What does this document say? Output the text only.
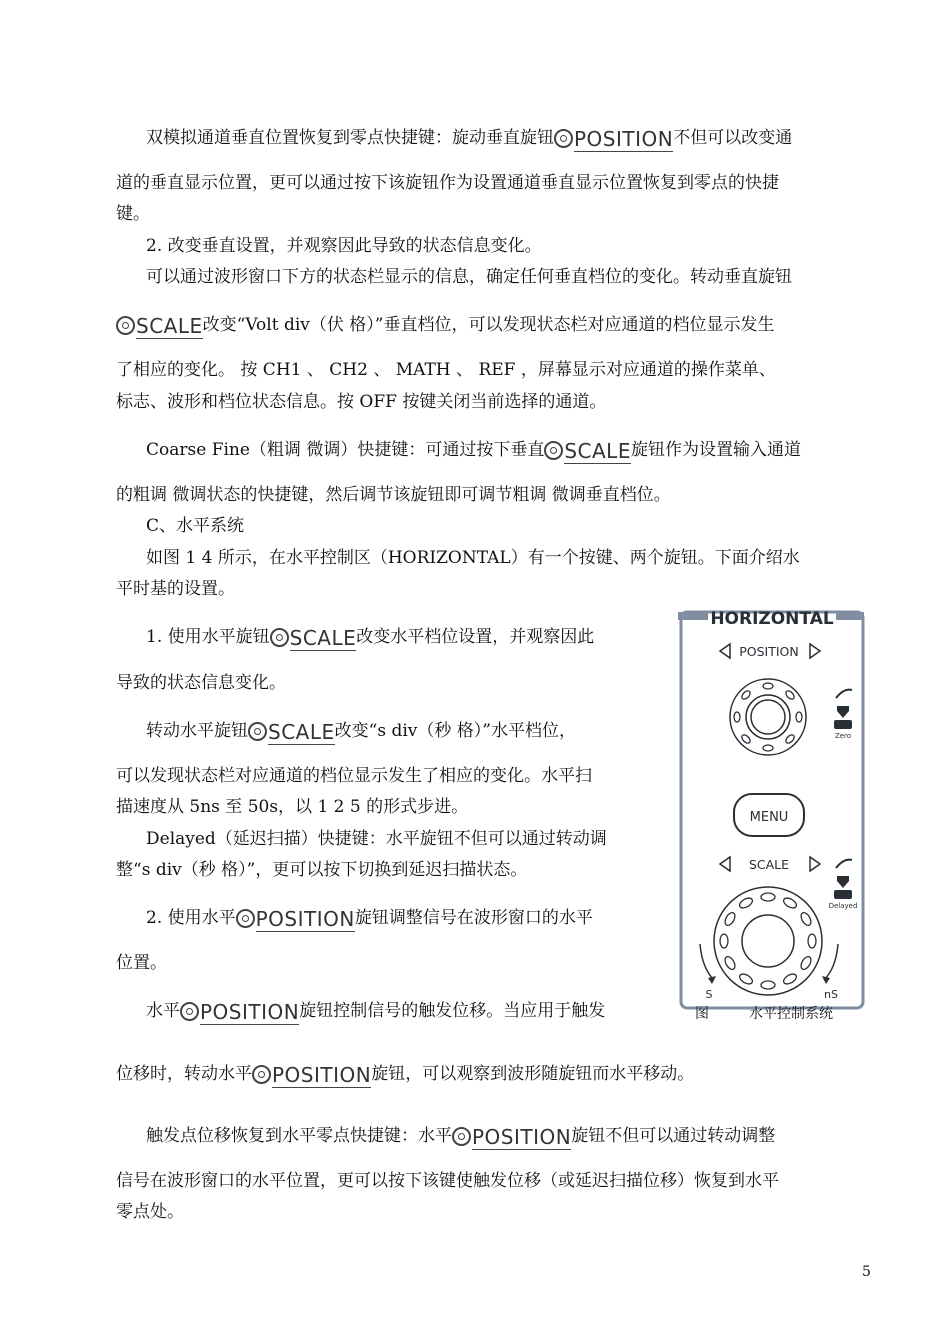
双模拟通道垂直位置恢复到零点快捷键：旋动垂直旋钮 POSITION不但可以改变通
道的垂直显示位置，更可以通过按下该旋钮作为设置通道垂直显示位置恢复到零点的快捷
键。
2. 改变垂直设置，并观察因此导致的状态信息变化。
可以通过波形窗口下方的状态栏显示的信息，确定任何垂直档位的变化。转动垂直旋钮
SCALE改变“Volt div（伏 格）”垂直档位，可以发现状态栏对应通道的档位显示发生
了相应的变化。 按 CH1 、 CH2 、 MATH 、 REF ，屏幕显示对应通道的操作菜单、
标志、波形和档位状态信息。按 OFF 按键关闭当前选择的通道。
Coarse Fine（粗调 微调）快捷键：可通过按下垂直 SCALE旋钮作为设置输入通道
的粗调 微调状态的快捷键，然后调节该旋钮即可调节粗调 微调垂直档位。
C、水平系统
如图 1 4 所示，在水平控制区（HORIZONTAL）有一个按键、两个旋钮。下面介绍水
平时基的设置。
1. 使用水平旋钮 SCALE改变水平档位设置，并观察因此
导致的状态信息变化。
转动水平旋钮 SCALE改变“s div（秒 格）”水平档位，
可以发现状态栏对应通道的档位显示发生了相应的变化。水平扫
描速度从 5ns 至 50s，以 1 2 5 的形式步进。
Delayed（延迟扫描）快捷键：水平旋钮不但可以通过转动调
整“s div（秒 格）”，更可以按下切换到延迟扫描状态。
2. 使用水平 POSITION旋钮调整信号在波形窗口的水平
位置。
水平 POSITION旋钮控制信号的触发位移。当应用于触发
位移时，转动水平 POSITION旋钮，可以观察到波形随旋钮而水平移动。
触发点位移恢复到水平零点快捷键：水平 POSITION旋钮不但可以通过转动调整
信号在波形窗口的水平位置，更可以按下该键使触发位移（或延迟扫描位移）恢复到水平
零点处。
HORIZONTAL
POSITION
Zero
MENU
SCALE
Delayed
S	nS
图	水平控制系统
5
